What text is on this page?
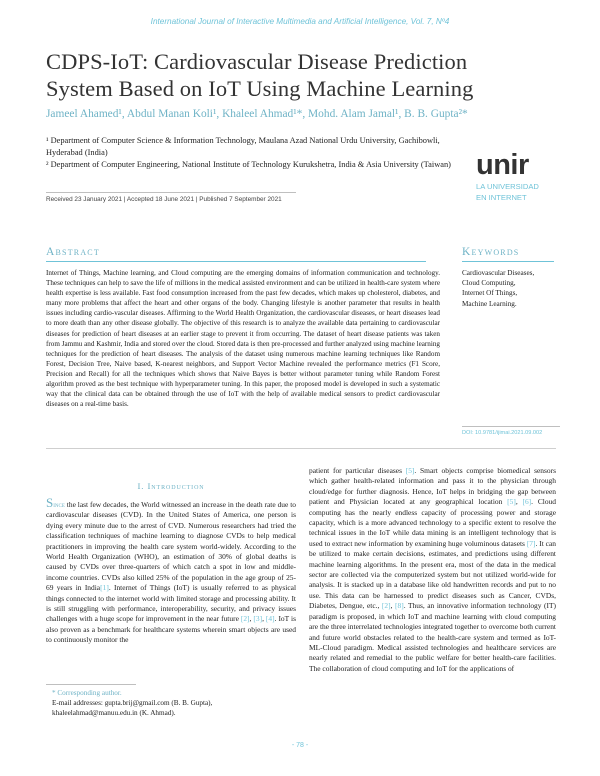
International Journal of Interactive Multimedia and Artificial Intelligence, Vol. 7, Nº4
CDPS-IoT: Cardiovascular Disease Prediction
System Based on IoT Using Machine Learning
Jameel Ahamed¹, Abdul Manan Koli¹, Khaleel Ahmad¹*, Mohd. Alam Jamal¹, B. B. Gupta²*
¹ Department of Computer Science & Information Technology, Maulana Azad National Urdu University, Gachibowli, Hyderabad (India)
² Department of Computer Engineering, National Institute of Technology Kurukshetra, India & Asia University (Taiwan) unir
LA UNIVERSIDAD
EN INTERNET
Received 23 January 2021 | Accepted 18 June 2021 | Published 7 September 2021
Abstract	Keywords
Internet of Things, Machine learning, and Cloud computing are the emerging domains of information communication and technology. These techniques can help to save the life of millions in the medical assisted environment and can be utilized in health-care system where health expertise is less available. Fast food consumption increased from the past few decades, which makes up cholesterol, diabetes, and many more problems that affect the heart and other organs of the body. Changing lifestyle is another parameter that results in health issues including cardio-vascular diseases. Affirming to the World Health Organization, the cardiovascular diseases, or heart diseases lead to more death than any other disease globally. The objective of this research is to analyze the available data pertaining to cardiovascular diseases for prediction of heart diseases at an earlier stage to prevent it from occurring. The dataset of heart disease patients was taken from Jammu and Kashmir, India and stored over the cloud. Stored data is then pre-processed and further analyzed using machine learning techniques for the prediction of heart diseases. The analysis of the dataset using numerous machine learning techniques like Random Forest, Decision Tree, Naive based, K-nearest neighbors, and Support Vector Machine revealed the performance metrics (F1 Score, Precision and Recall) for all the techniques which shows that Naive Bayes is better without parameter tuning while Random Forest algorithm proved as the best technique with hyperparameter tuning. In this paper, the proposed model is developed in such a systematic way that the clinical data can be obtained through the use of IoT with the help of available medical sensors to predict cardiovascular diseases on a real-time basis.
Cardiovascular Diseases,
Cloud Computing,
Internet Of Things,
Machine Learning.
DOI: 10.9781/ijimai.2021.09.002
I. Introduction
Since the last few decades, the World witnessed an increase in the death rate due to cardiovascular diseases (CVD). In the United States of America, one person is dying every minute due to the arrest of CVD. Numerous researchers had tried the classification techniques of machine learning to diagnose CVDs to help medical practitioners in improving the health care system world-widely. According to the World Health Organization (WHO), an estimation of 30% of global deaths is caused by CVDs over three-quarters of which catch a spot in low and middle-income countries. CVDs also killed 25% of the population in the age group of 25-69 years in India[1]. Internet of Things (IoT) is usually referred to as physical things connected to the internet world with limited storage and processing ability. It is still struggling with performance, interoperability, security, and privacy issues challenges with a huge scope for improvement in the near future [2], [3], [4]. IoT is also proven as a benchmark for healthcare systems wherein smart objects are used to continuously monitor the
patient for particular diseases [5]. Smart objects comprise biomedical sensors which gather health-related information and pass it to the physician through cloud/edge for further diagnosis. Hence, IoT helps in bridging the gap between patient and Physician located at any geographical location [5], [6]. Cloud computing has the nearly endless capacity of processing power and storage capacity, which is a more advanced technology to a specific extent to resolve the technical issues in the IoT while data mining is an intelligent technology that is used to extract new information by examining huge voluminous datasets [7]. It can be utilized to make certain decisions, estimates, and predictions using different machine learning algorithms. In the present era, most of the data in the medical sector are collected via the computerized system but not utilized world-wide for analysis. It is stacked up in a database like old handwritten records and put to no use. This data can be harnessed to predict diseases such as Cancer, CVDs, Diabetes, Dengue, etc., [2], [8]. Thus, an innovative information technology (IT) paradigm is proposed, in which IoT and machine learning with cloud computing are the three interrelated technologies integrated together to overcome both current and future world obstacles related to the health-care system and termed as IoT-ML-Cloud paradigm. Medical assisted technologies and healthcare services are nearly related and remedial to the public welfare for better health-care facilities. The collaboration of cloud computing and IoT for the applications of
* Corresponding author.
E-mail addresses: gupta.brij@gmail.com (B. B. Gupta), khaleelahmad@manuu.edu.in (K. Ahmad).
- 78 -
